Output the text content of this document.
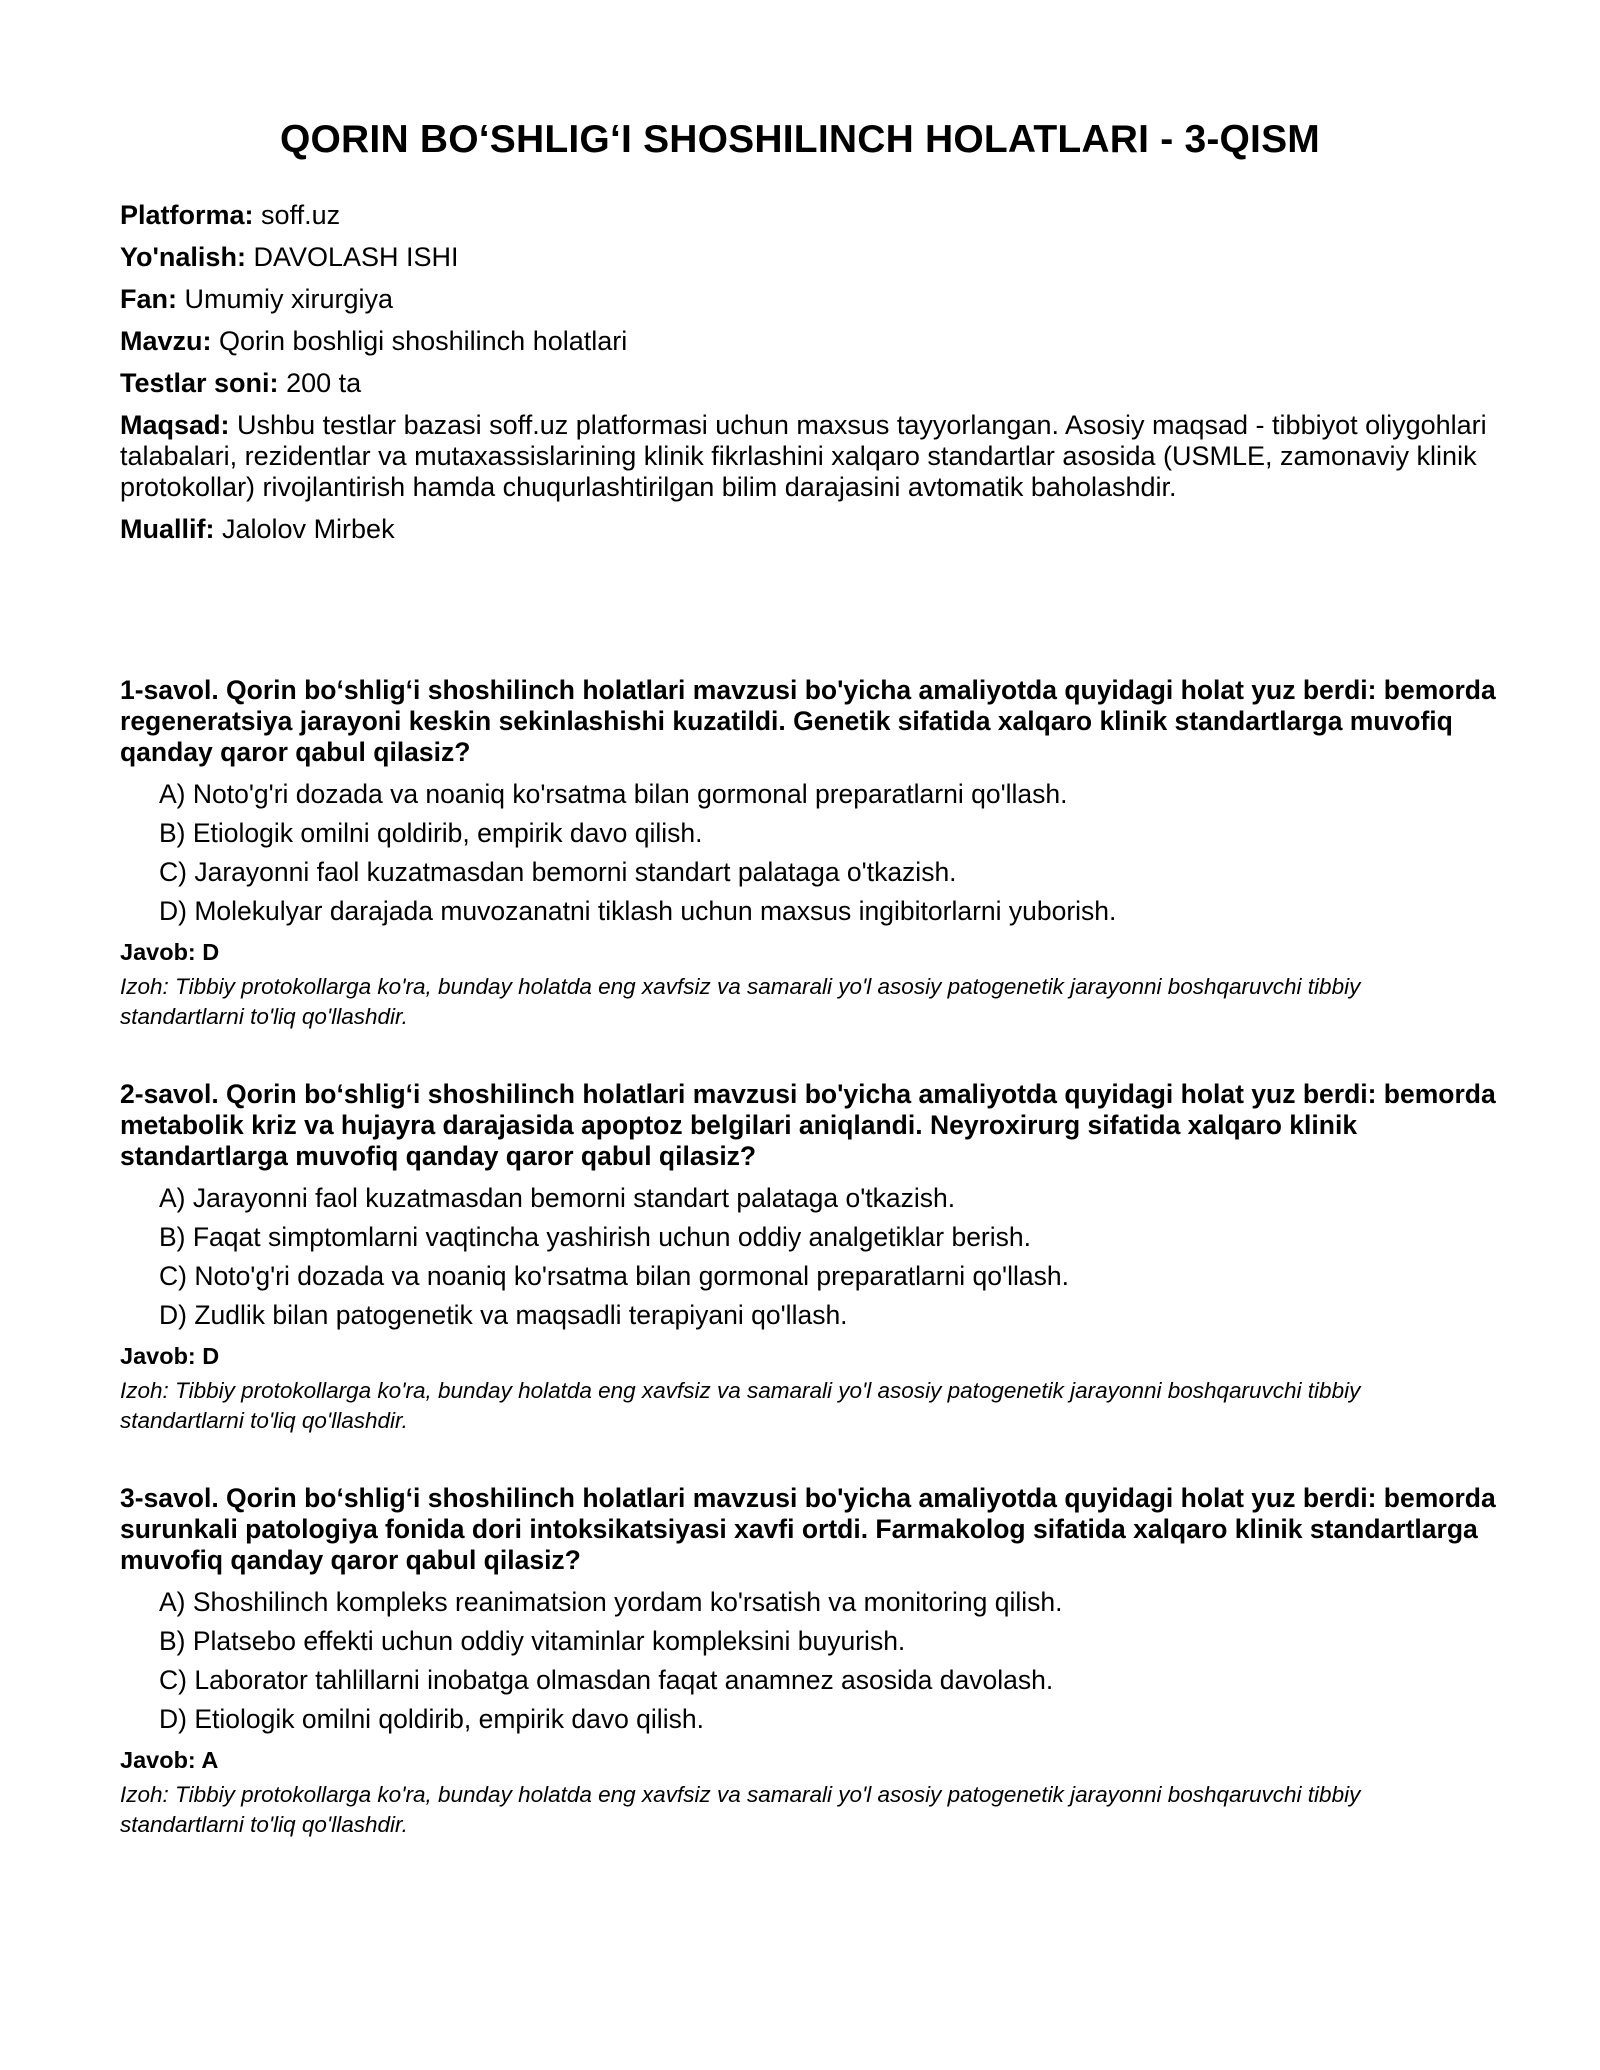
QORIN BO‘SHLIG‘I SHOSHILINCH HOLATLARI - 3-QISM
Platforma: soff.uz
Yo'nalish: DAVOLASH ISHI
Fan: Umumiy xirurgiya
Mavzu: Qorin boshligi shoshilinch holatlari
Testlar soni: 200 ta
Maqsad: Ushbu testlar bazasi soff.uz platformasi uchun maxsus tayyorlangan. Asosiy maqsad - tibbiyot oliygohlari talabalari, rezidentlar va mutaxassislarining klinik fikrlashini xalqaro standartlar asosida (USMLE, zamonaviy klinik protokollar) rivojlantirish hamda chuqurlashtirilgan bilim darajasini avtomatik baholashdir.
Muallif: Jalolov Mirbek
1-savol. Qorin bo‘shlig‘i shoshilinch holatlari mavzusi bo'yicha amaliyotda quyidagi holat yuz berdi: bemorda regeneratsiya jarayoni keskin sekinlashishi kuzatildi. Genetik sifatida xalqaro klinik standartlarga muvofiq qanday qaror qabul qilasiz?
A) Noto'g'ri dozada va noaniq ko'rsatma bilan gormonal preparatlarni qo'llash.
B) Etiologik omilni qoldirib, empirik davo qilish.
C) Jarayonni faol kuzatmasdan bemorni standart palataga o'tkazish.
D) Molekulyar darajada muvozanatni tiklash uchun maxsus ingibitorlarni yuborish.
Javob: D
Izoh: Tibbiy protokollarga ko'ra, bunday holatda eng xavfsiz va samarali yo'l asosiy patogenetik jarayonni boshqaruvchi tibbiy standartlarni to'liq qo'llashdir.
2-savol. Qorin bo‘shlig‘i shoshilinch holatlari mavzusi bo'yicha amaliyotda quyidagi holat yuz berdi: bemorda metabolik kriz va hujayra darajasida apoptoz belgilari aniqlandi. Neyroxirurg sifatida xalqaro klinik standartlarga muvofiq qanday qaror qabul qilasiz?
A) Jarayonni faol kuzatmasdan bemorni standart palataga o'tkazish.
B) Faqat simptomlarni vaqtincha yashirish uchun oddiy analgetiklar berish.
C) Noto'g'ri dozada va noaniq ko'rsatma bilan gormonal preparatlarni qo'llash.
D) Zudlik bilan patogenetik va maqsadli terapiyani qo'llash.
Javob: D
Izoh: Tibbiy protokollarga ko'ra, bunday holatda eng xavfsiz va samarali yo'l asosiy patogenetik jarayonni boshqaruvchi tibbiy standartlarni to'liq qo'llashdir.
3-savol. Qorin bo‘shlig‘i shoshilinch holatlari mavzusi bo'yicha amaliyotda quyidagi holat yuz berdi: bemorda surunkali patologiya fonida dori intoksikatsiyasi xavfi ortdi. Farmakolog sifatida xalqaro klinik standartlarga muvofiq qanday qaror qabul qilasiz?
A) Shoshilinch kompleks reanimatsion yordam ko'rsatish va monitoring qilish.
B) Platsebo effekti uchun oddiy vitaminlar kompleksini buyurish.
C) Laborator tahlillarni inobatga olmasdan faqat anamnez asosida davolash.
D) Etiologik omilni qoldirib, empirik davo qilish.
Javob: A
Izoh: Tibbiy protokollarga ko'ra, bunday holatda eng xavfsiz va samarali yo'l asosiy patogenetik jarayonni boshqaruvchi tibbiy standartlarni to'liq qo'llashdir.
